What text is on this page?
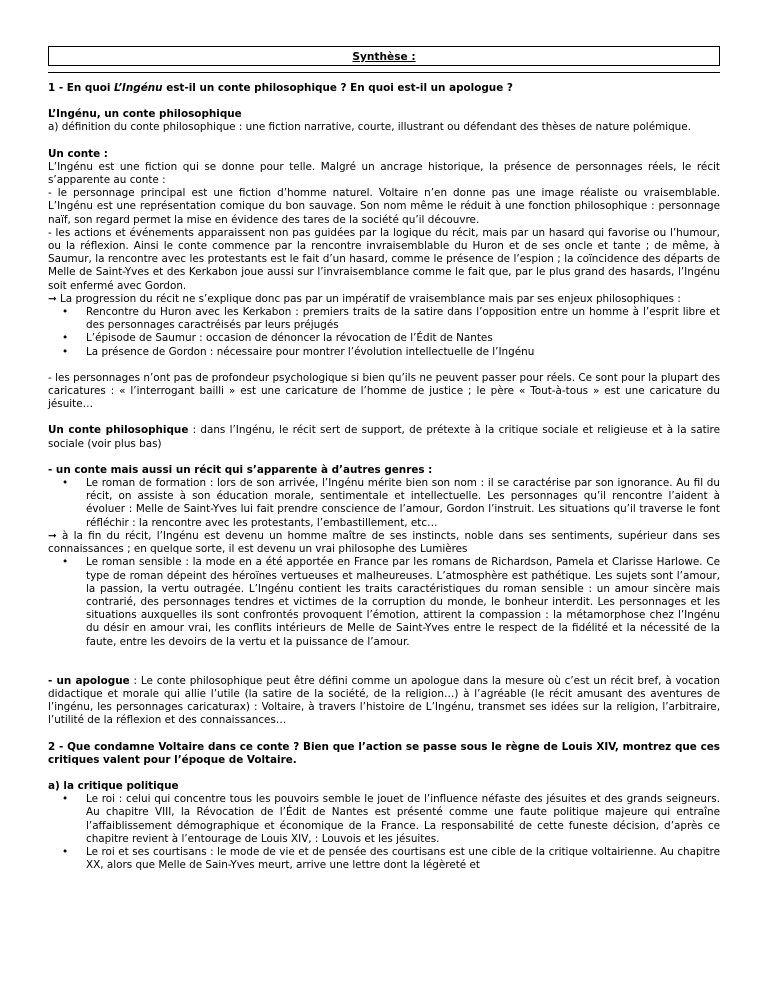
Synthèse :

1 - En quoi L’Ingénu est-il un conte philosophique ? En quoi est-il un apologue ?

L’Ingénu, un conte philosophique

a) définition du conte philosophique : une fiction narrative, courte, illustrant ou défendant des thèses de nature polémique.

Un conte :

L’Ingénu est une fiction qui se donne pour telle. Malgré un ancrage historique, la présence de personnages réels, le récit s’apparente au conte :

- le personnage principal est une fiction d’homme naturel. Voltaire n’en donne pas une image réaliste ou vraisemblable. L’Ingénu est une représentation comique du bon sauvage. Son nom même le réduit à une fonction philosophique : personnage naïf, son regard permet la mise en évidence des tares de la société qu’il découvre.

- les actions et événements apparaissent non pas guidées par la logique du récit, mais par un hasard qui favorise ou l’humour, ou la réflexion. Ainsi le conte commence par la rencontre invraisemblable du Huron et de ses oncle et tante ; de même, à Saumur, la rencontre avec les protestants est le fait d’un hasard, comme le présence de l’espion ; la coïncidence des départs de Melle de Saint-Yves et des Kerkabon joue aussi sur l’invraisemblance comme le fait que, par le plus grand des hasards, l’Ingénu soit enfermé avec Gordon.

➞ La progression du récit ne s’explique donc pas par un impératif de vraisemblance mais par ses enjeux philosophiques :

• Rencontre du Huron avec les Kerkabon : premiers traits de la satire dans l’opposition entre un homme à l’esprit libre et des personnages caractréisés par leurs préjugés
• L’épisode de Saumur : occasion de dénoncer la révocation de l’Édit de Nantes
• La présence de Gordon : nécessaire pour montrer l’évolution intellectuelle de l’Ingénu

- les personnages n’ont pas de profondeur psychologique si bien qu’ils ne peuvent passer pour réels. Ce sont pour la plupart des caricatures : « l’interrogant bailli » est une caricature de l’homme de justice ; le père « Tout-à-tous » est une caricature du jésuite…

Un conte philosophique : dans l’Ingénu, le récit sert de support, de prétexte à la critique sociale et religieuse et à la satire sociale (voir plus bas)

- un conte mais aussi un récit qui s’apparente à d’autres genres :

• Le roman de formation : lors de son arrivée, l’Ingénu mérite bien son nom : il se caractérise par son ignorance. Au fil du récit, on assiste à son éducation morale, sentimentale et intellectuelle. Les personnages qu’il rencontre l’aident à évoluer : Melle de Saint-Yves lui fait prendre conscience de l’amour, Gordon l’instruit. Les situations qu’il traverse le font réfléchir : la rencontre avec les protestants, l’embastillement, etc…

➞ à la fin du récit, l’Ingénu est devenu un homme maître de ses instincts, noble dans ses sentiments, supérieur dans ses connaissances ; en quelque sorte, il est devenu un vrai philosophe des Lumières

• Le roman sensible : la mode en a été apportée en France par les romans de Richardson, Pamela et Clarisse Harlowe. Ce type de roman dépeint des héroïnes vertueuses et malheureuses. L’atmosphère est pathétique. Les sujets sont l’amour, la passion, la vertu outragée. L’Ingénu contient les traits caractéristiques du roman sensible : un amour sincère mais contrarié, des personnages tendres et victimes de la corruption du monde, le bonheur interdit. Les personnages et les situations auxquelles ils sont confrontés provoquent l’émotion, attirent la compassion : la métamorphose chez l’Ingénu du désir en amour vrai, les conflits intérieurs de Melle de Saint-Yves entre le respect de la fidélité et la nécessité de la faute, entre les devoirs de la vertu et la puissance de l’amour.

- un apologue : Le conte philosophique peut être défini comme un apologue dans la mesure où c’est un récit bref, à vocation didactique et morale qui allie l’utile (la satire de la société, de la religion…) à l’agréable (le récit amusant des aventures de l’ingénu, les personnages caricaturax) : Voltaire, à travers l’histoire de L’Ingénu, transmet ses idées sur la religion, l’arbitraire, l’utilité de la réflexion et des connaissances…

2 - Que condamne Voltaire dans ce conte ? Bien que l’action se passe sous le règne de Louis XIV, montrez que ces critiques valent pour l’époque de Voltaire.

a) la critique politique

• Le roi : celui qui concentre tous les pouvoirs semble le jouet de l’influence néfaste des jésuites et des grands seigneurs. Au chapitre VIII, la Révocation de l’Édit de Nantes est présenté comme une faute politique majeure qui entraîne l’affaiblissement démographique et économique de la France. La responsabilité de cette funeste décision, d’après ce chapitre revient à l’entourage de Louis XIV, : Louvois et les jésuites.
• Le roi et ses courtisans : le mode de vie et de pensée des courtisans est une cible de la critique voltairienne. Au chapitre XX, alors que Melle de Sain-Yves meurt, arrive une lettre dont la légèreté et
